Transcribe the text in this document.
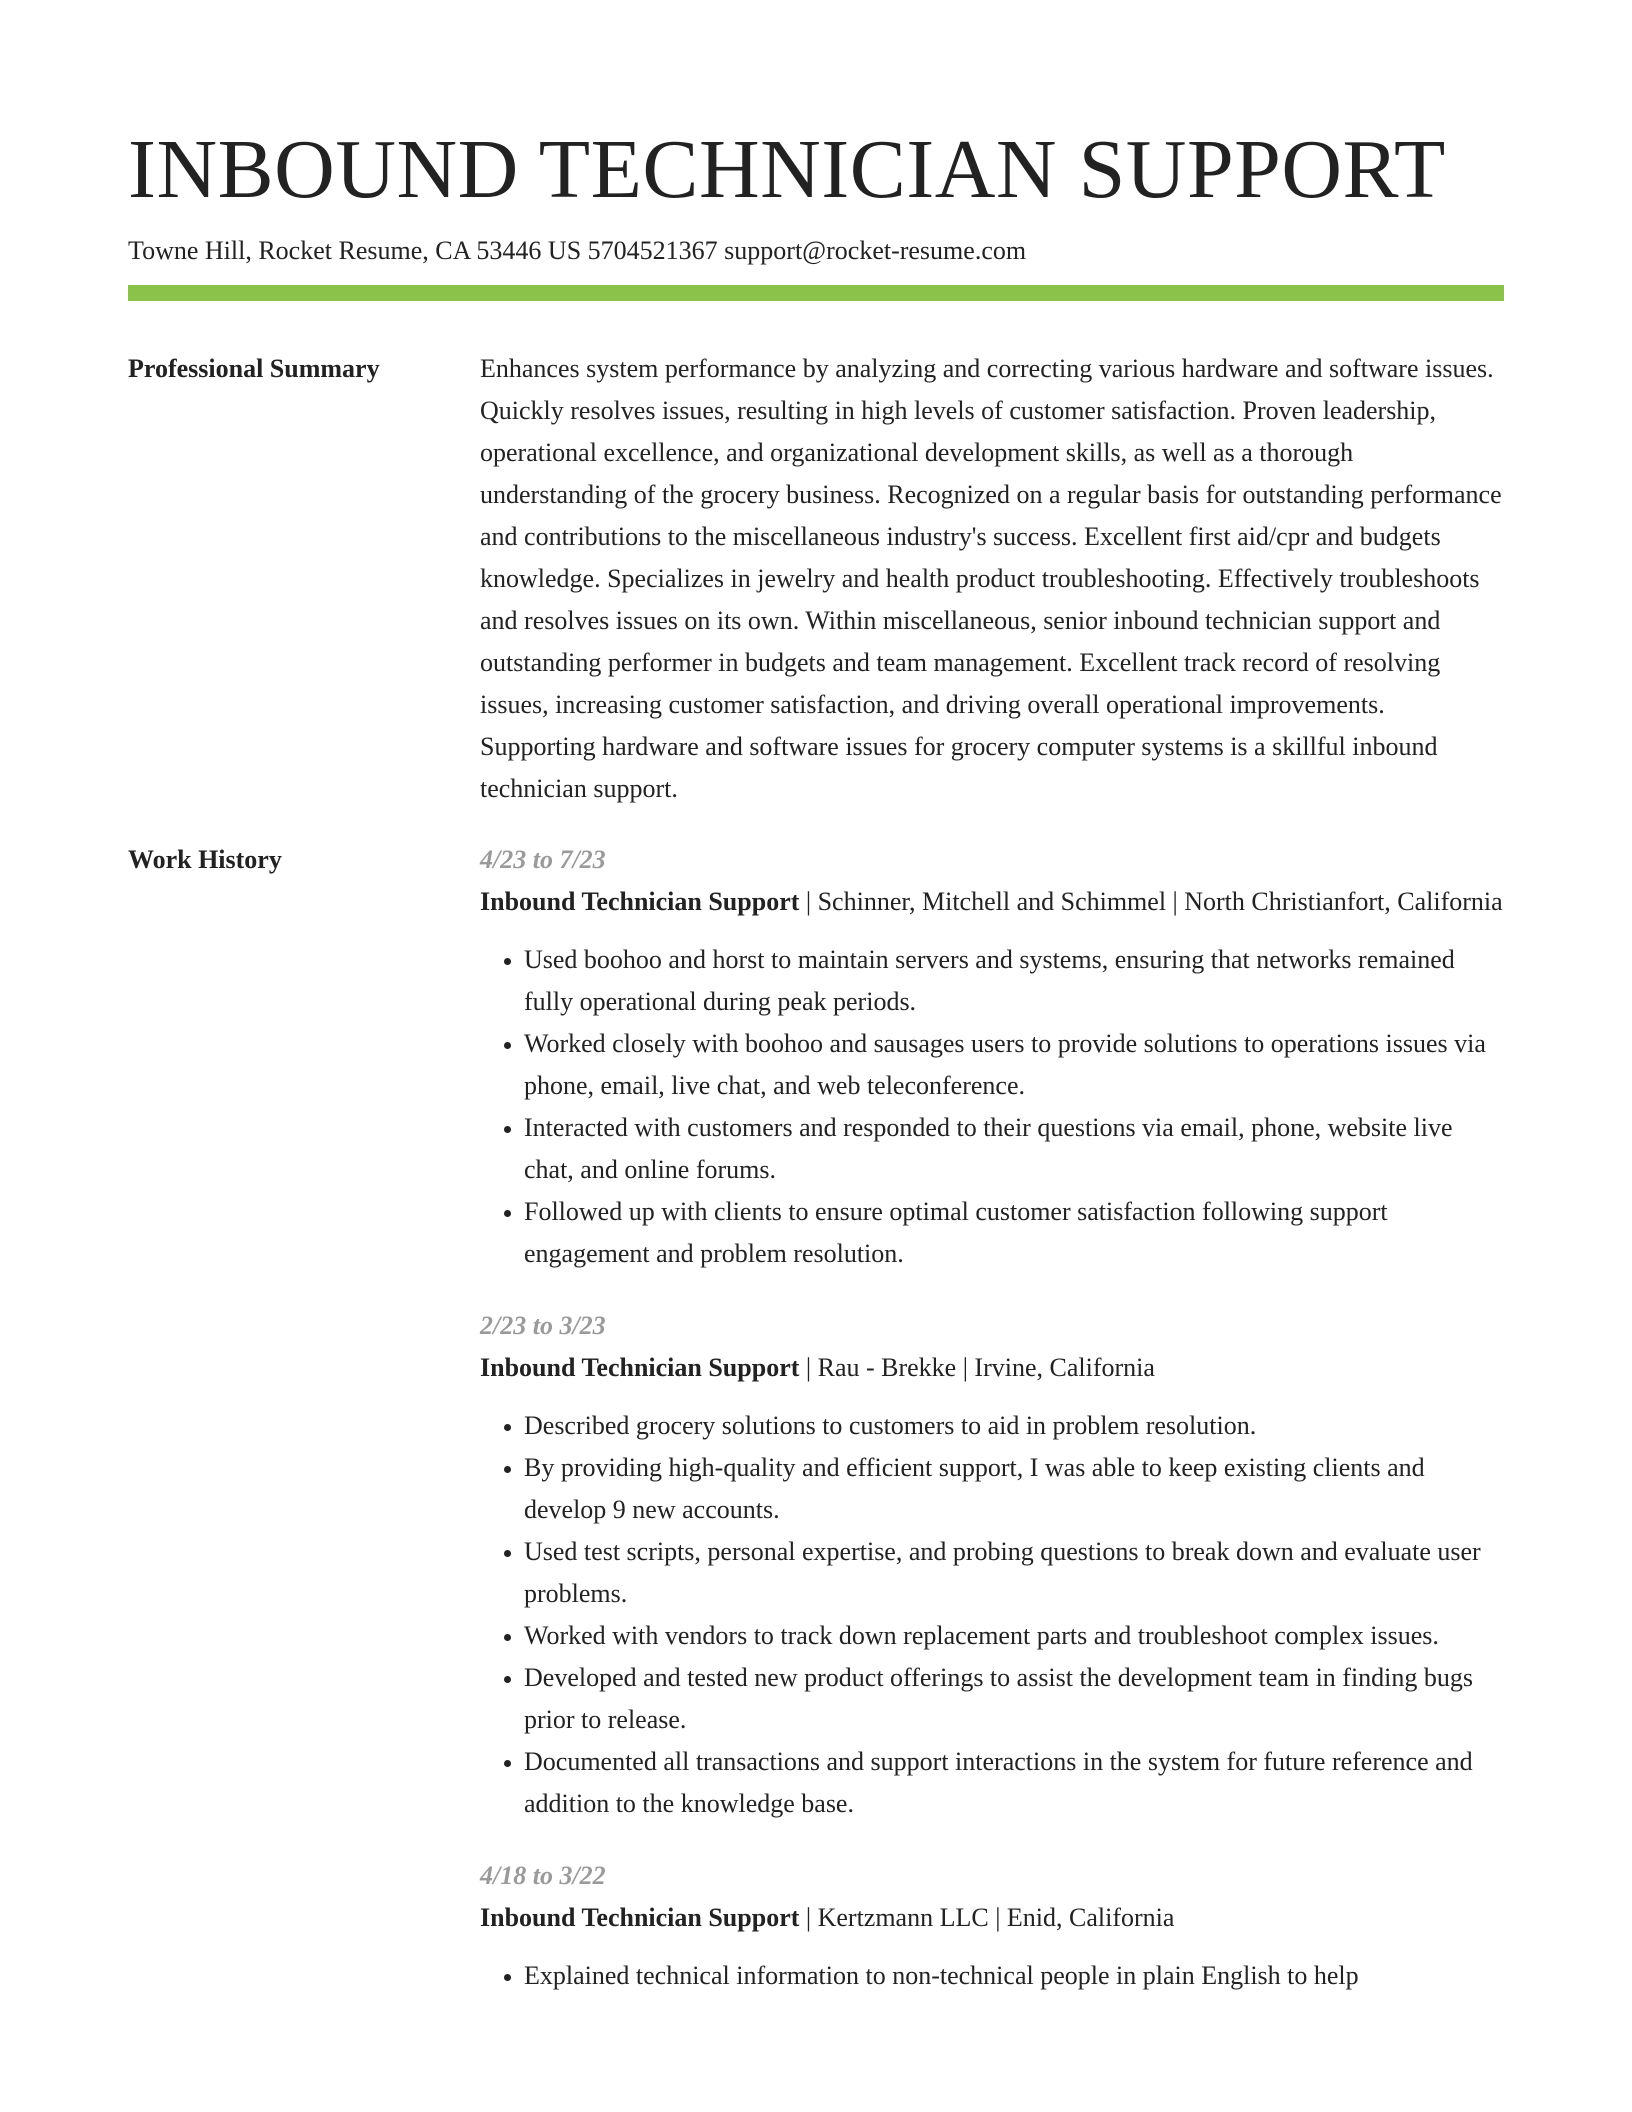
INBOUND TECHNICIAN SUPPORT
Towne Hill, Rocket Resume, CA 53446 US 5704521367 support@rocket-resume.com
Professional Summary	Enhances system performance by analyzing and correcting various hardware and software issues. Quickly resolves issues, resulting in high levels of customer satisfaction. Proven leadership, operational excellence, and organizational development skills, as well as a thorough understanding of the grocery business. Recognized on a regular basis for outstanding performance and contributions to the miscellaneous industry's success. Excellent first aid/cpr and budgets knowledge. Specializes in jewelry and health product troubleshooting. Effectively troubleshoots and resolves issues on its own. Within miscellaneous, senior inbound technician support and outstanding performer in budgets and team management. Excellent track record of resolving issues, increasing customer satisfaction, and driving overall operational improvements. Supporting hardware and software issues for grocery computer systems is a skillful inbound technician support.

Work History	4/23 to 7/23
Inbound Technician Support | Schinner, Mitchell and Schimmel | North Christianfort, California
• Used boohoo and horst to maintain servers and systems, ensuring that networks remained fully operational during peak periods.
• Worked closely with boohoo and sausages users to provide solutions to operations issues via phone, email, live chat, and web teleconference.
• Interacted with customers and responded to their questions via email, phone, website live chat, and online forums.
• Followed up with clients to ensure optimal customer satisfaction following support engagement and problem resolution.
2/23 to 3/23
Inbound Technician Support | Rau - Brekke | Irvine, California
• Described grocery solutions to customers to aid in problem resolution.
• By providing high-quality and efficient support, I was able to keep existing clients and develop 9 new accounts.
• Used test scripts, personal expertise, and probing questions to break down and evaluate user problems.
• Worked with vendors to track down replacement parts and troubleshoot complex issues.
• Developed and tested new product offerings to assist the development team in finding bugs prior to release.
• Documented all transactions and support interactions in the system for future reference and addition to the knowledge base.
4/18 to 3/22
Inbound Technician Support | Kertzmann LLC | Enid, California
• Explained technical information to non-technical people in plain English to help
